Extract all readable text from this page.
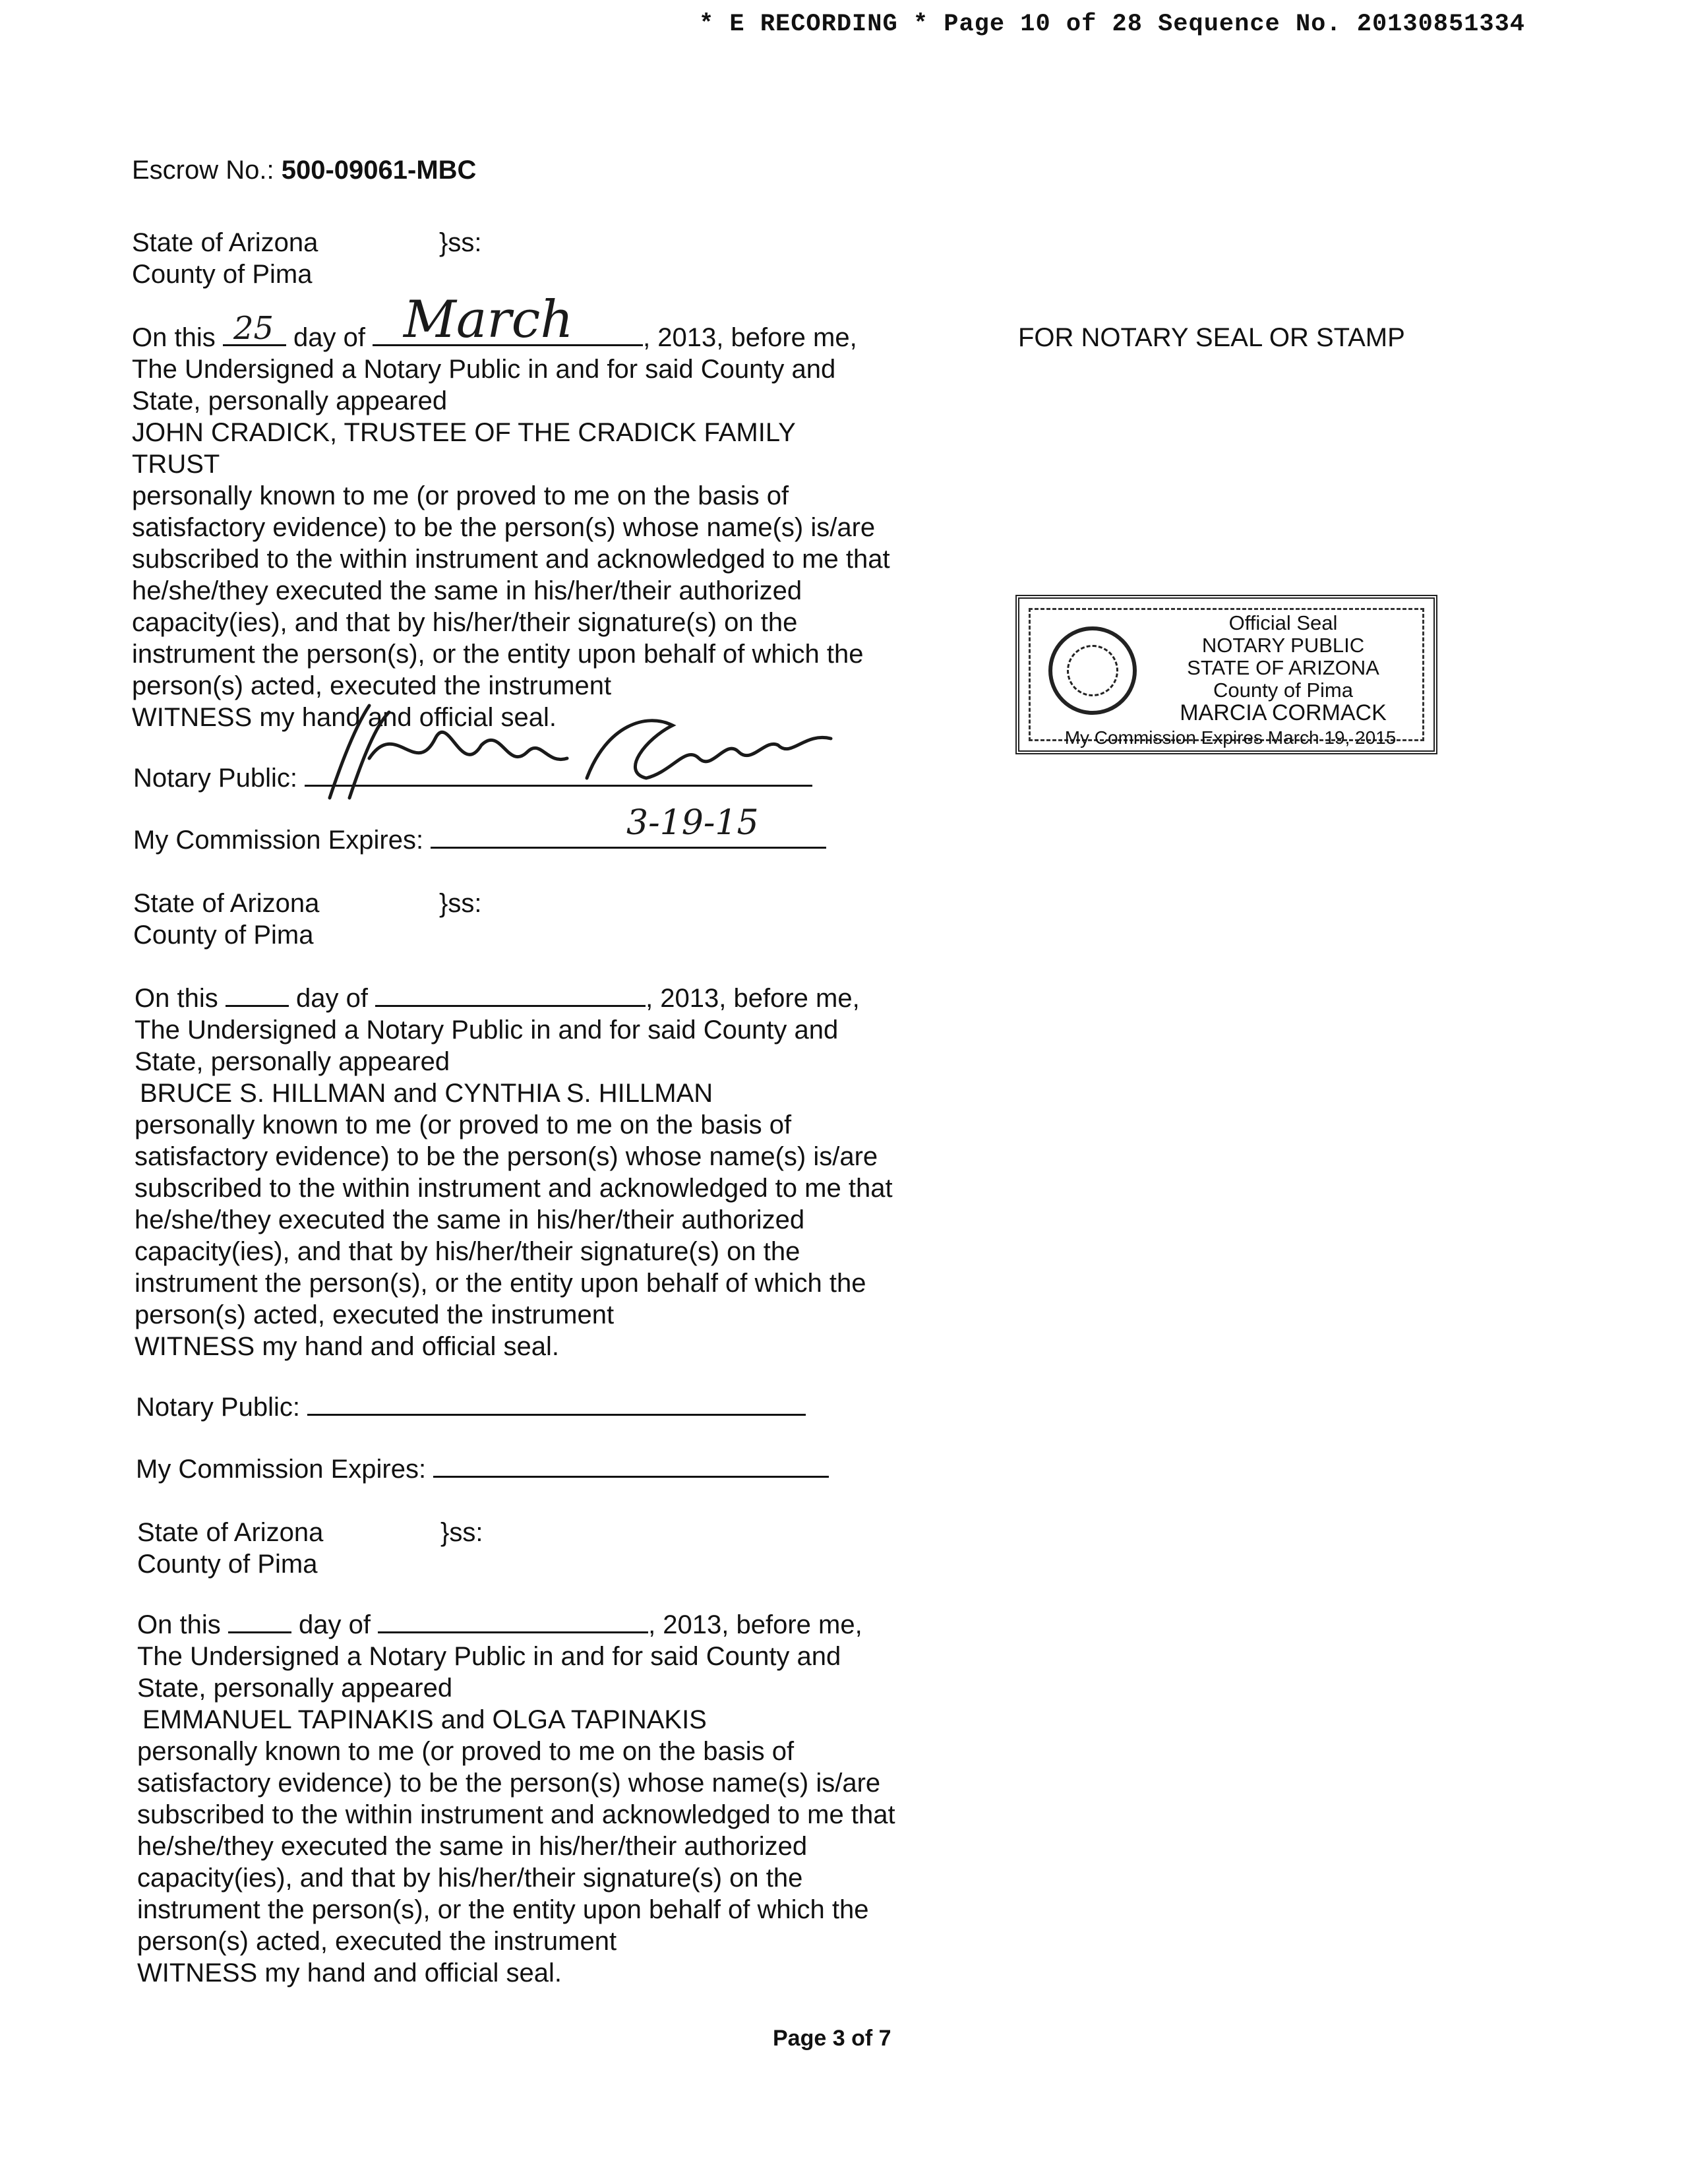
* E RECORDING * Page 10 of 28 Sequence No. 20130851334
Escrow No.: 500-09061-MBC
State of Arizona	}ss:
County of Pima
On this	day of	, 2013, before me,
25	March	FOR NOTARY SEAL OR STAMP

The Undersigned a Notary Public in and for said County and

State, personally appeared

JOHN CRADICK, TRUSTEE OF THE CRADICK FAMILY

TRUST

personally known to me (or proved to me on the basis of

satisfactory evidence) to be the person(s) whose name(s) is/are

subscribed to the within instrument and acknowledged to me that

he/she/they executed the same in his/her/their authorized

capacity(ies), and that by his/her/their signature(s) on the

instrument the person(s), or the entity upon behalf of which the

person(s) acted, executed the instrument

WITNESS my hand and official seal.

Notary Public:
My Commission Expires:	3-19-15
Official Seal
NOTARY PUBLIC
STATE OF ARIZONA
County of Pima
MARCIA CORMACK
My Commission Expires March 19, 2015
State of Arizona	}ss:
County of Pima
On this	day of	, 2013, before me,

The Undersigned a Notary Public in and for said County and

State, personally appeared

BRUCE S. HILLMAN and CYNTHIA S. HILLMAN

personally known to me (or proved to me on the basis of

satisfactory evidence) to be the person(s) whose name(s) is/are

subscribed to the within instrument and acknowledged to me that

he/she/they executed the same in his/her/their authorized

capacity(ies), and that by his/her/their signature(s) on the

instrument the person(s), or the entity upon behalf of which the

person(s) acted, executed the instrument

WITNESS my hand and official seal.

Notary Public:
My Commission Expires:
State of Arizona	}ss:
County of Pima
On this	day of	, 2013, before me,

The Undersigned a Notary Public in and for said County and

State, personally appeared

EMMANUEL TAPINAKIS and OLGA TAPINAKIS

personally known to me (or proved to me on the basis of

satisfactory evidence) to be the person(s) whose name(s) is/are

subscribed to the within instrument and acknowledged to me that

he/she/they executed the same in his/her/their authorized

capacity(ies), and that by his/her/their signature(s) on the

instrument the person(s), or the entity upon behalf of which the

person(s) acted, executed the instrument

WITNESS my hand and official seal.

Page 3 of 7
